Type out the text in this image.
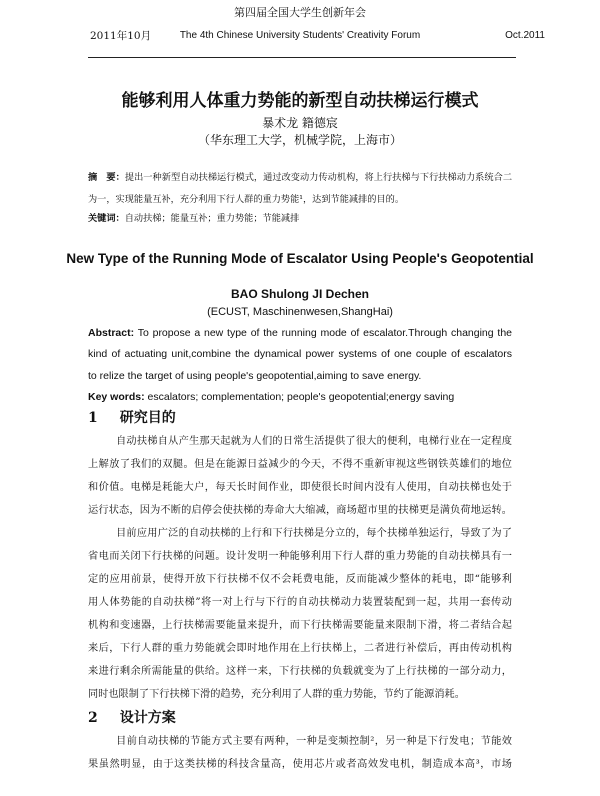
第四届全国大学生创新年会
2011年10月	The 4th Chinese University Students' Creativity Forum	Oct.2011
能够利用人体重力势能的新型自动扶梯运行模式
暴术龙 籍德宸
（华东理工大学，机械学院，上海市）
摘　要：提出一种新型自动扶梯运行模式，通过改变动力传动机构，将上行扶梯与下行扶梯动力系统合二
为一，实现能量互补，充分利用下行人群的重力势能¹，达到节能减排的目的。
关键词：自动扶梯；能量互补；重力势能；节能减排
New Type of the Running Mode of Escalator Using People's Geopotential
BAO Shulong JI Dechen
(ECUST, Maschinenwesen,ShangHai)
Abstract: To propose a new type of the running mode of escalator.Through changing the
kind of actuating unit,combine the dynamical power systems of one couple of escalators
to relize the target of using people's geopotential,aiming to save energy.
Key words: escalators; complementation; people's geopotential;energy saving
1 研究目的
自动扶梯自从产生那天起就为人们的日常生活提供了很大的便利，电梯行业在一定程度
上解放了我们的双腿。但是在能源日益减少的今天，不得不重新审视这些钢铁英雄们的地位
和价值。电梯是耗能大户，每天长时间作业，即使很长时间内没有人使用，自动扶梯也处于
运行状态，因为不断的启停会使扶梯的寿命大大缩减，商场超市里的扶梯更是满负荷地运转。
目前应用广泛的自动扶梯的上行和下行扶梯是分立的，每个扶梯单独运行，导致了为了
省电而关闭下行扶梯的问题。设计发明一种能够利用下行人群的重力势能的自动扶梯具有一
定的应用前景，使得开放下行扶梯不仅不会耗费电能，反而能减少整体的耗电，即“能够利
用人体势能的自动扶梯”将一对上行与下行的自动扶梯动力装置装配到一起，共用一套传动
机构和变速器，上行扶梯需要能量来提升，而下行扶梯需要能量来限制下滑，将二者结合起
来后，下行人群的重力势能就会即时地作用在上行扶梯上，二者进行补偿后，再由传动机构
来进行剩余所需能量的供给。这样一来，下行扶梯的负载就变为了上行扶梯的一部分动力，
同时也限制了下行扶梯下滑的趋势，充分利用了人群的重力势能，节约了能源消耗。
2 设计方案
目前自动扶梯的节能方式主要有两种，一种是变频控制²，另一种是下行发电；节能效
果虽然明显，由于这类扶梯的科技含量高，使用芯片或者高效发电机，制造成本高³，市场
